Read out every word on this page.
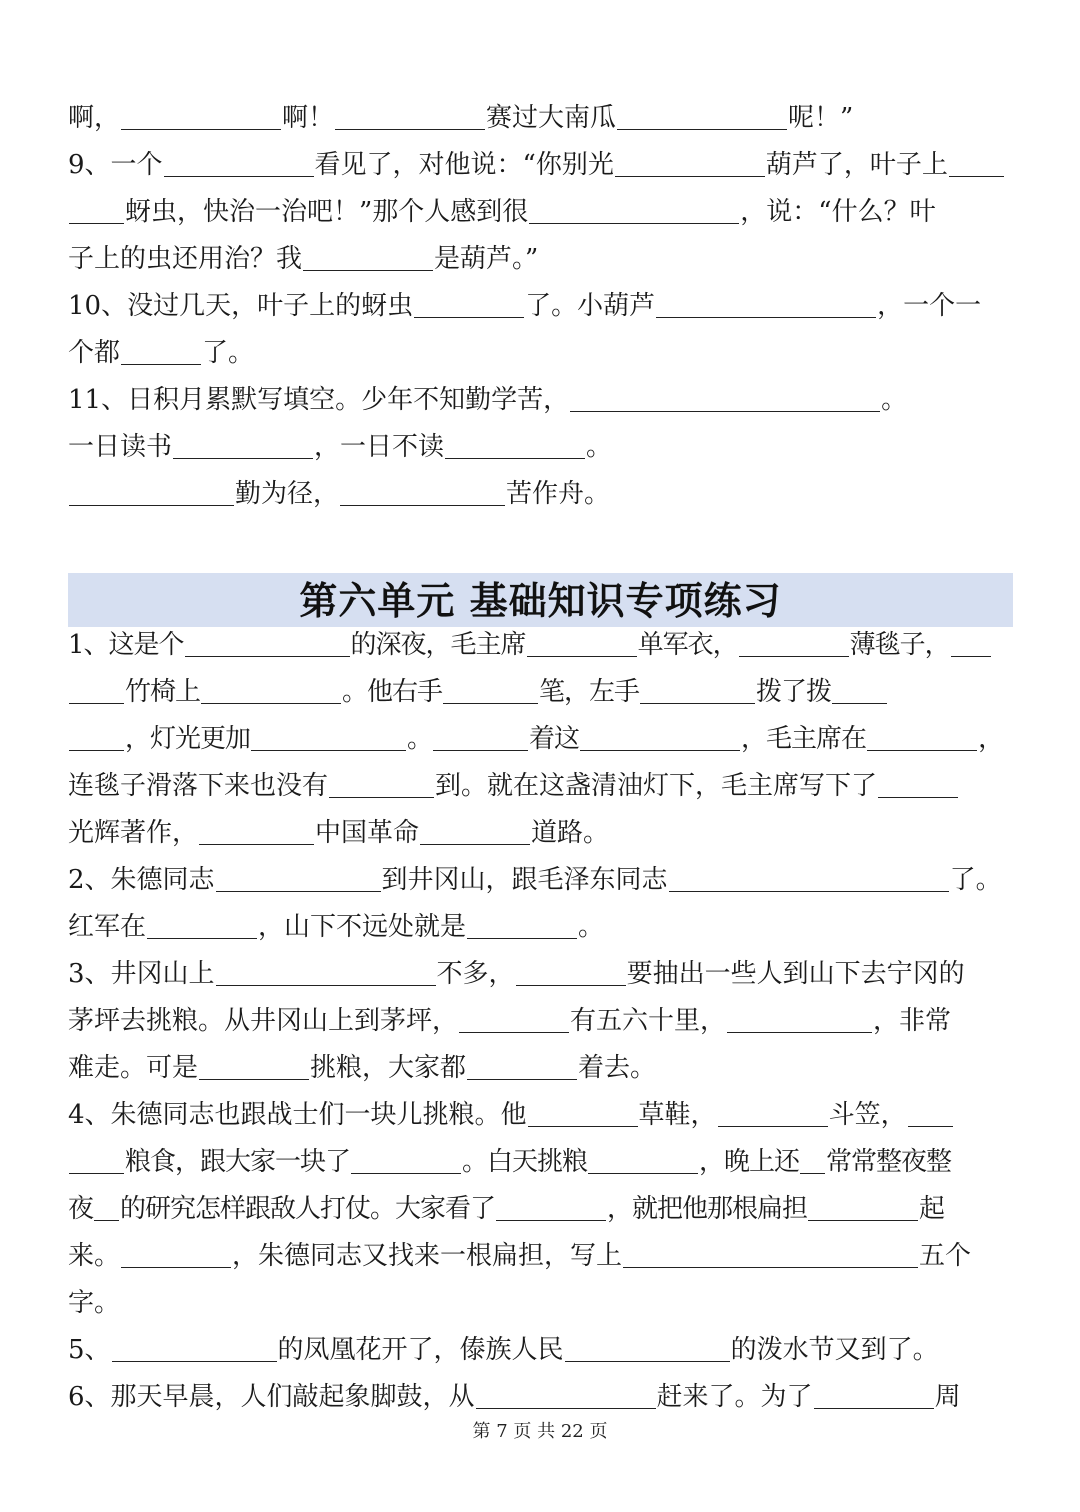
啊，	啊！	赛过大南瓜	呢！”
9、一个	看见了，对他说：“你别光	葫芦了，叶子上
蚜虫，快治一治吧！”那个人感到很	，说：“什么？叶
子上的虫还用治？我	是葫芦。”
10、没过几天，叶子上的蚜虫	了。小葫芦	，一个一
个都	了。
11、日积月累默写填空。少年不知勤学苦，	。
一日读书	，一日不读	。
勤为径，	苦作舟。
第六单元 基础知识专项练习
1、这是个	的深夜，毛主席	单军衣，	薄毯子，
竹椅上	。他右手	笔，左手	拨了拨
，灯光更加	。	着这	，毛主席在	，
连毯子滑落下来也没有	到。就在这盏清油灯下，毛主席写下了
光辉著作，	中国革命	道路。
2、朱德同志	到井冈山，跟毛泽东同志	了。
红军在	，山下不远处就是	。
3、井冈山上	不多，	要抽出一些人到山下去宁冈的
茅坪去挑粮。从井冈山上到茅坪，	有五六十里，	，非常
难走。可是	挑粮，大家都	着去。
4、朱德同志也跟战士们一块儿挑粮。他	草鞋，	斗笠，
粮食，跟大家一块了	。白天挑粮	，晚上还 常常整夜整
夜 的研究怎样跟敌人打仗。大家看了	，就把他那根扁担	起
来。	，朱德同志又找来一根扁担，写上	五个
字。
5、	的凤凰花开了，傣族人民	的泼水节又到了。
6、那天早晨，人们敲起象脚鼓，从	赶来了。为了	周
第 7 页 共 22 页
